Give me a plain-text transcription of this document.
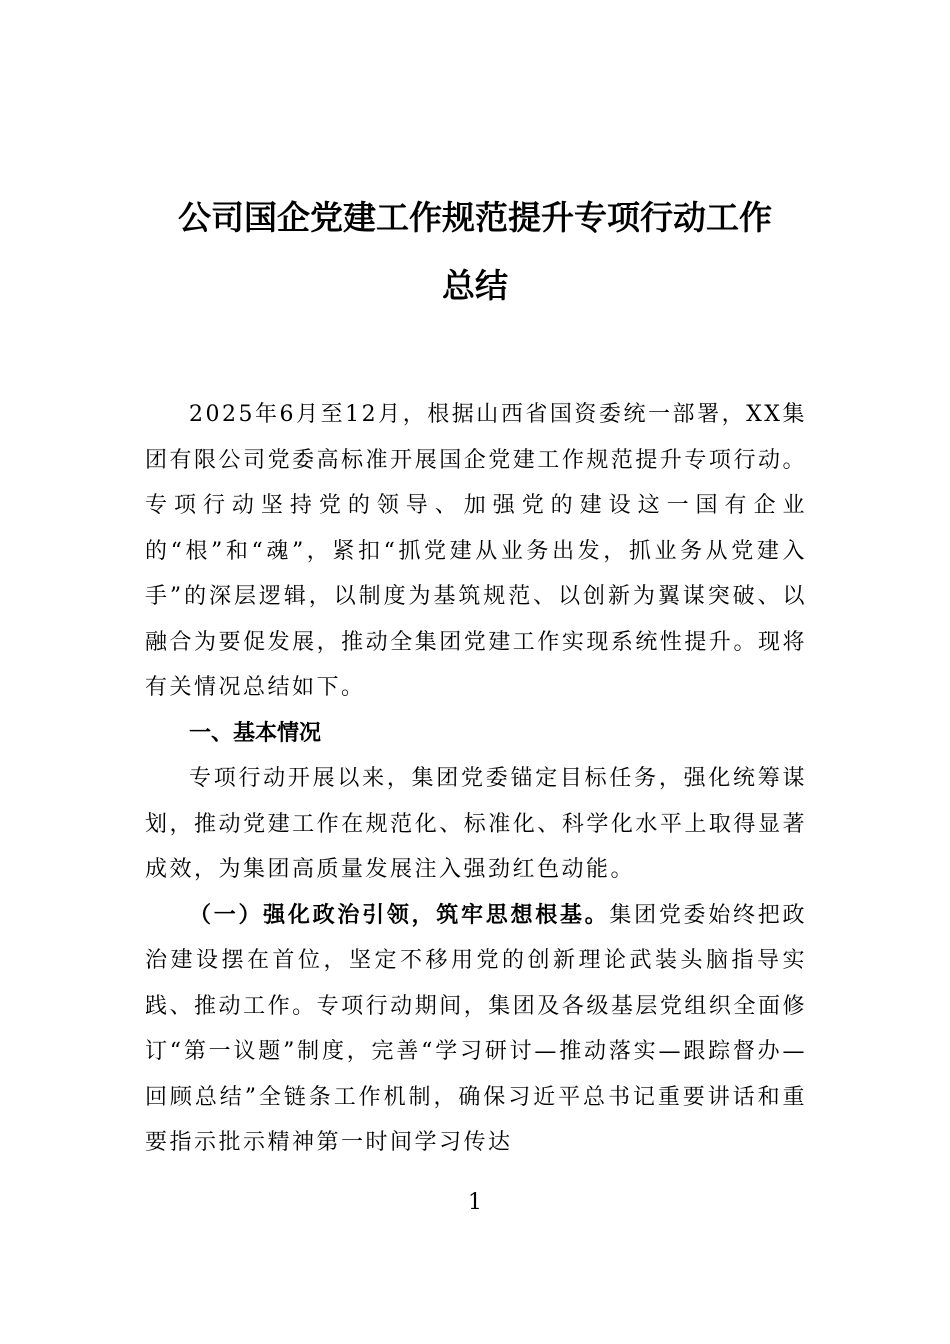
公司国企党建工作规范提升专项行动工作
总结

2025年6月至12月，根据山西省国资委统一部署，XX集团有限公司党委高标准开展国企党建工作规范提升专项行动。专项行动坚持党的领导、加强党的建设这一国有企业的“根”和“魂”，紧扣“抓党建从业务出发，抓业务从党建入手”的深层逻辑，以制度为基筑规范、以创新为翼谋突破、以融合为要促发展，推动全集团党建工作实现系统性提升。现将有关情况总结如下。

一、基本情况

专项行动开展以来，集团党委锚定目标任务，强化统筹谋划，推动党建工作在规范化、标准化、科学化水平上取得显著成效，为集团高质量发展注入强劲红色动能。

（一）强化政治引领，筑牢思想根基。集团党委始终把政治建设摆在首位，坚定不移用党的创新理论武装头脑指导实践、推动工作。专项行动期间，集团及各级基层党组织全面修订“第一议题”制度，完善“学习研讨—推动落实—跟踪督办—回顾总结”全链条工作机制，确保习近平总书记重要讲话和重要指示批示精神第一时间学习传达

1
